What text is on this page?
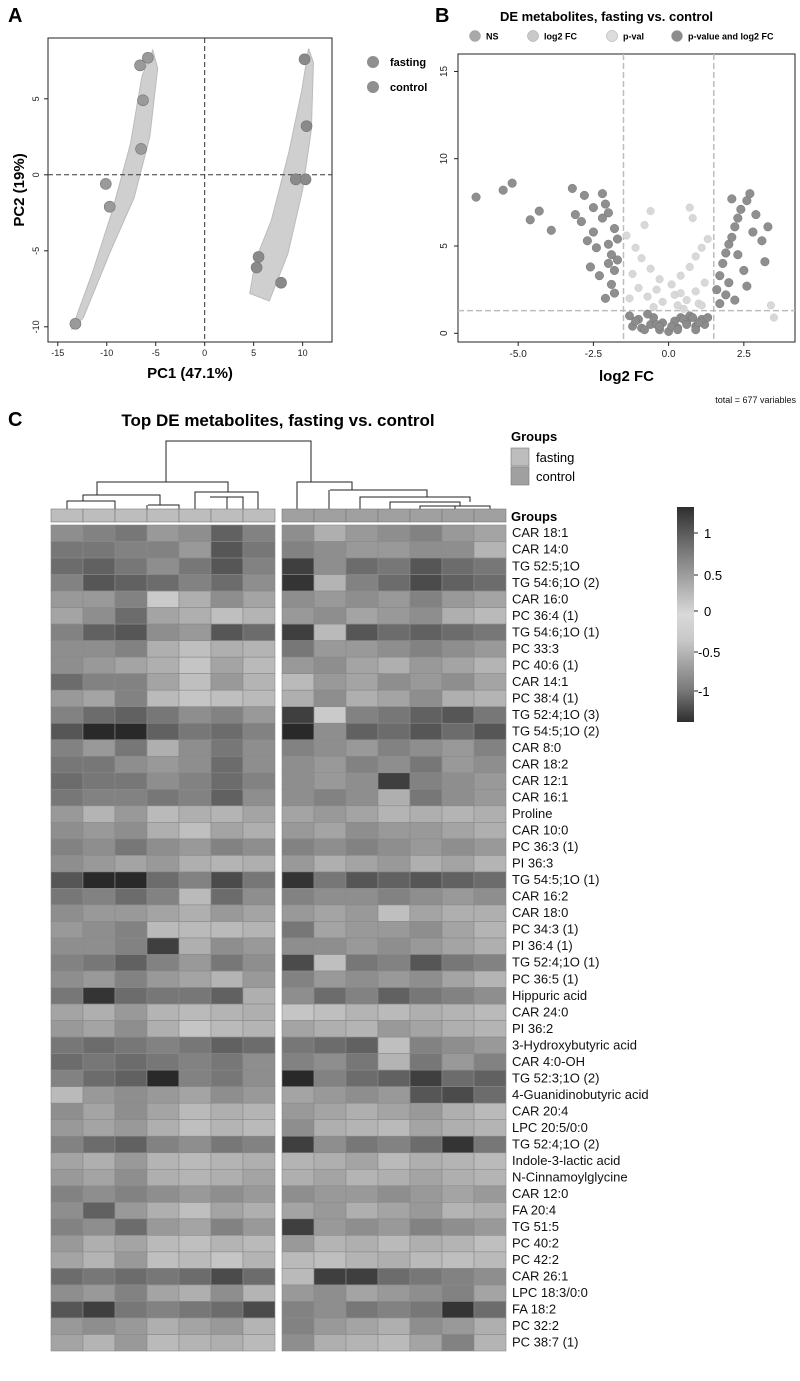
A	B
C
-15	-10	-5	0	5	10
-10
-5
0
5
PC1 (47.1%)
PC2 (19%)
fasting
control
DE metabolites, fasting vs. control
NS	log2 FC	p-val	p-value and log2 FC
-5.0	-2.5	0.0	2.5
0
5
10
15
log2 FC
total = 677 variables
Top DE metabolites, fasting vs. control
Groups
CAR 18:1
CAR 14:0
TG 52:5;1O
TG 54:6;1O (2)
CAR 16:0
PC 36:4 (1)
TG 54:6;1O (1)
PC 33:3
PC 40:6 (1)
CAR 14:1
PC 38:4 (1)
TG 52:4;1O (3)
TG 54:5;1O (2)
CAR 8:0
CAR 18:2
CAR 12:1
CAR 16:1
Proline
CAR 10:0
PC 36:3 (1)
PI 36:3
TG 54:5;1O (1)
CAR 16:2
CAR 18:0
PC 34:3 (1)
PI 36:4 (1)
TG 52:4;1O (1)
PC 36:5 (1)
Hippuric acid
CAR 24:0
PI 36:2
3-Hydroxybutyric acid
CAR 4:0-OH
TG 52:3;1O (2)
4-Guanidinobutyric acid
CAR 20:4
LPC 20:5/0:0
TG 52:4;1O (2)
Indole-3-lactic acid
N-Cinnamoylglycine
CAR 12:0
FA 20:4
TG 51:5
PC 40:2
PC 42:2
CAR 26:1
LPC 18:3/0:0
FA 18:2
PC 32:2
PC 38:7 (1)
Groups
fasting
control
1
0.5
0
-0.5
-1
